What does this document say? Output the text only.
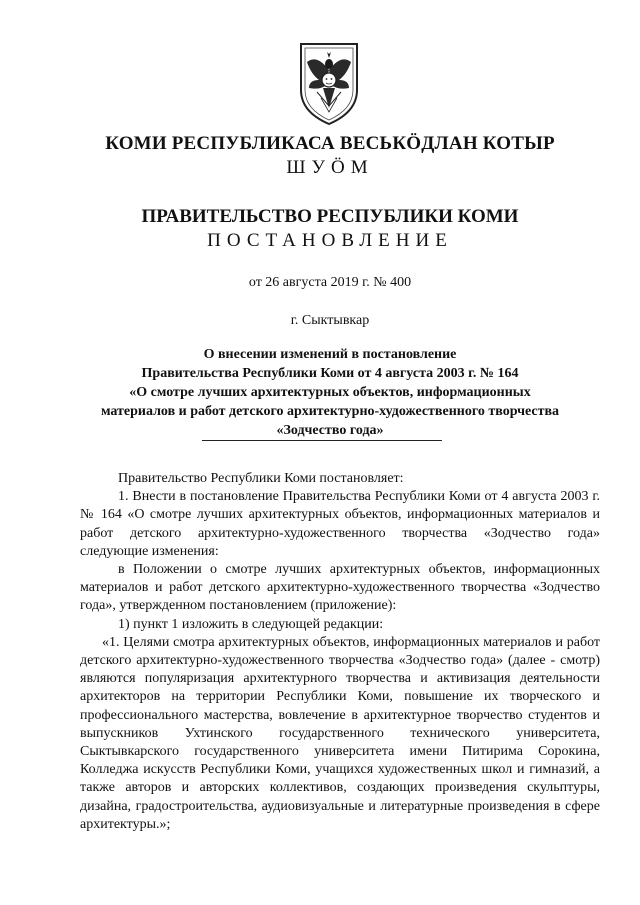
КОМИ РЕСПУБЛИКАСА ВЕСЬКÖДЛАН КОТЫР
ШУÖМ
ПРАВИТЕЛЬСТВО РЕСПУБЛИКИ КОМИ
ПОСТАНОВЛЕНИЕ
от 26 августа 2019 г. № 400
г. Сыктывкар
О внесении изменений в постановление
Правительства Республики Коми от 4 августа 2003 г. № 164
«О смотре лучших архитектурных объектов, информационных
материалов и работ детского архитектурно-художественного творчества
«Зодчество года»

Правительство Республики Коми постановляет:

1. Внести в постановление Правительства Республики Коми от 4 августа 2003 г. № 164 «О смотре лучших архитектурных объектов, информационных материалов и работ детского архитектурно-художественного творчества «Зодчество года» следующие изменения:

в Положении о смотре лучших архитектурных объектов, информационных материалов и работ детского архитектурно-художественного творчества «Зодчество года», утвержденном постановлением (приложение):

1) пункт 1 изложить в следующей редакции:

«1. Целями смотра архитектурных объектов, информационных материалов и работ детского архитектурно-художественного творчества «Зодчество года» (далее - смотр) являются популяризация архитектурного творчества и активизация деятельности архитекторов на территории Республики Коми, повышение их творческого и профессионального мастерства, вовлечение в архитектурное творчество студентов и выпускников Ухтинского государственного технического университета, Сыктывкарского государственного университета имени Питирима Сорокина, Колледжа искусств Республики Коми, учащихся художественных школ и гимназий, а также авторов и авторских коллективов, создающих произведения скульптуры, дизайна, градостроительства, аудиовизуальные и литературные произведения в сфере архитектуры.»;
